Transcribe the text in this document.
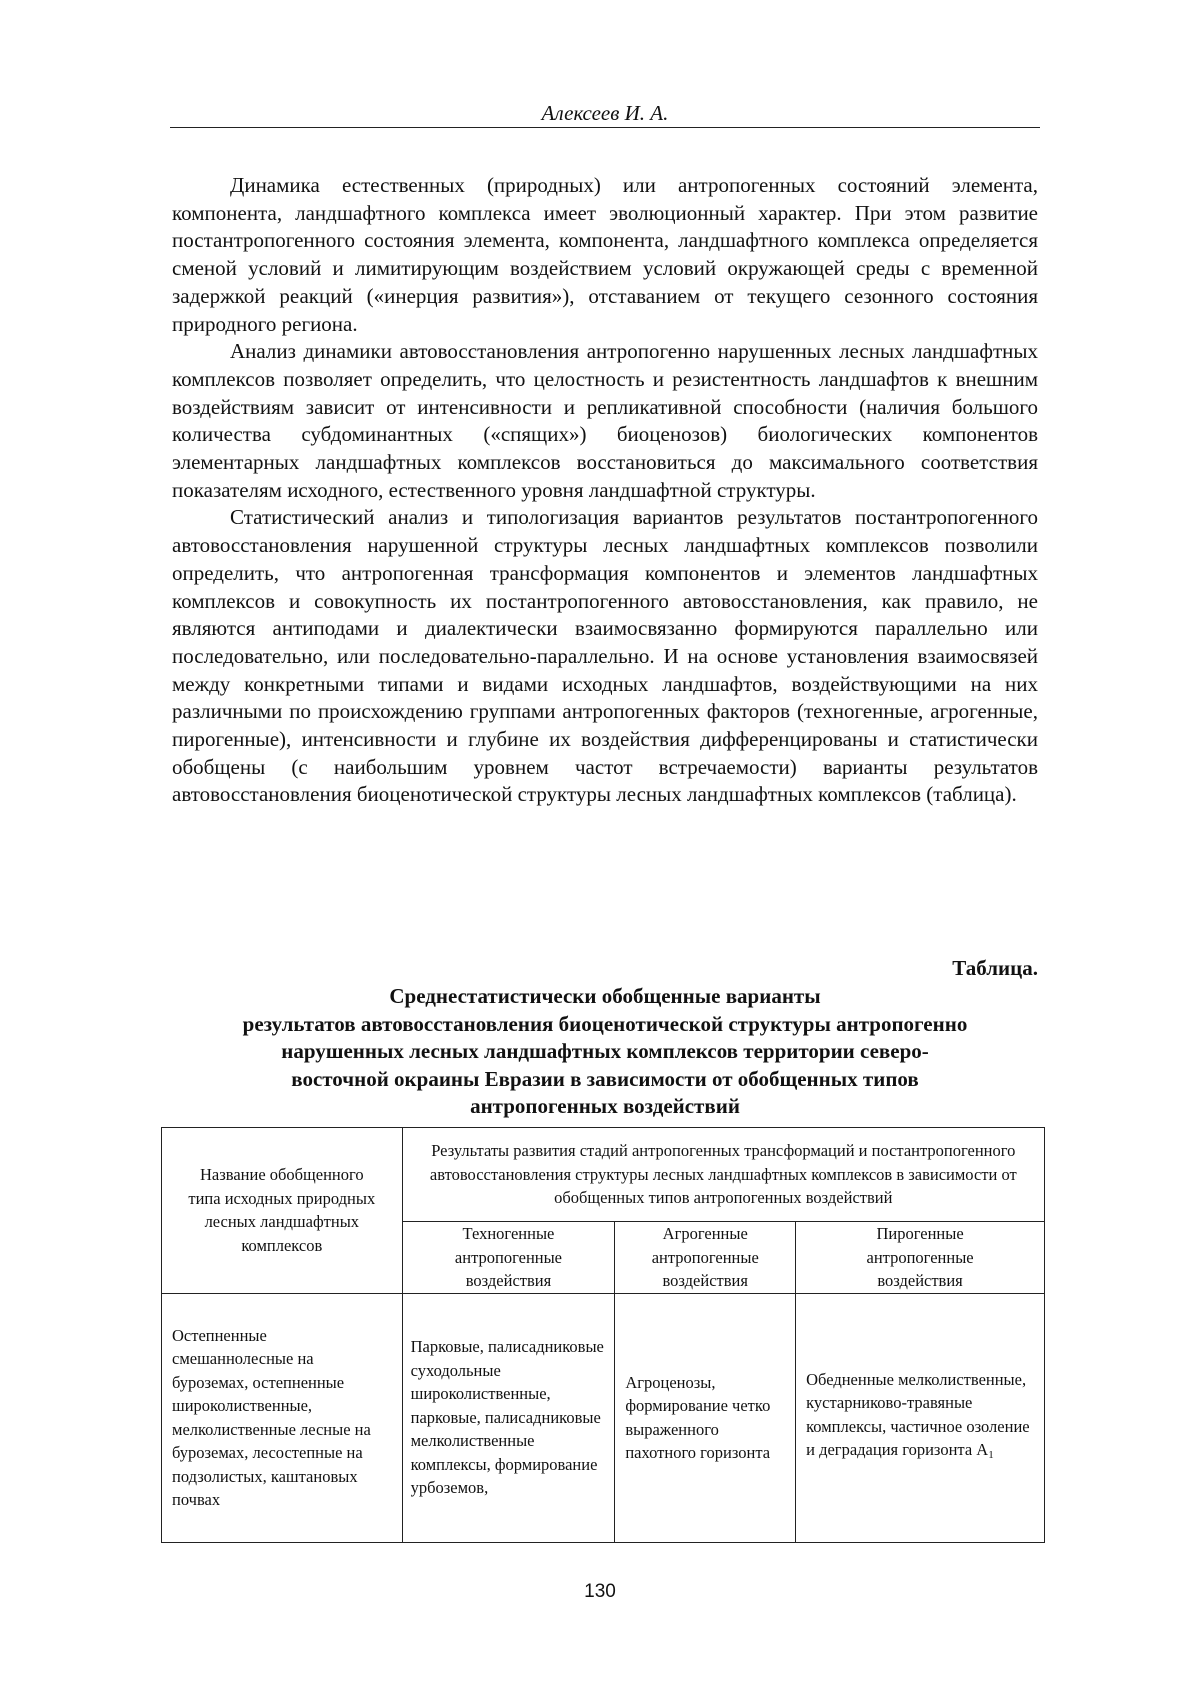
Алексеев И. А.

Динамика естественных (природных) или антропогенных состояний элемента, компонента, ландшафтного комплекса имеет эволюционный характер. При этом развитие постантропогенного состояния элемента, компонента, ландшафтного комплекса определяется сменой условий и лимитирующим воздействием условий окружающей среды с временной задержкой реакций («инерция развития»), отставанием от текущего сезонного состояния природного региона.

Анализ динамики автовосстановления антропогенно нарушенных лесных ландшафтных комплексов позволяет определить, что целостность и резистентность ландшафтов к внешним воздействиям зависит от интенсивности и репликативной способности (наличия большого количества субдоминантных («спящих») биоценозов) биологических компонентов элементарных ландшафтных комплексов восстановиться до максимального соответствия показателям исходного, естественного уровня ландшафтной структуры.

Статистический анализ и типологизация вариантов результатов постантропогенного автовосстановления нарушенной структуры лесных ландшафтных комплексов позволили определить, что антропогенная трансформация компонентов и элементов ландшафтных комплексов и совокупность их постантропогенного автовосстановления, как правило, не являются антиподами и диалектически взаимосвязанно формируются параллельно или последовательно, или последовательно-параллельно. И на основе установления взаимосвязей между конкретными типами и видами исходных ландшафтов, воздействующими на них различными по происхождению группами антропогенных факторов (техногенные, агрогенные, пирогенные), интенсивности и глубине их воздействия дифференцированы и статистически обобщены (с наибольшим уровнем частот встречаемости) варианты результатов автовосстановления биоценотической структуры лесных ландшафтных комплексов (таблица).

Таблица.
Среднестатистически обобщенные варианты
результатов автовосстановления биоценотической структуры антропогенно
нарушенных лесных ландшафтных комплексов территории северо-
восточной окраины Евразии в зависимости от обобщенных типов
антропогенных воздействий
Название обобщенного типа исходных природных лесных ландшафтных комплексов	Результаты развития стадий антропогенных трансформаций и постантропогенного автовосстановления структуры лесных ландшафтных комплексов в зависимости от обобщенных типов антропогенных воздействий		
	Техногенные антропогенные воздействия	Агрогенные антропогенные воздействия	Пирогенные антропогенные воздействия
Остепненные смешаннолесные на буроземах, остепненные широколиственные, мелколиственные лесные на буроземах, лесостепные на подзолистых, каштановых почвах	Парковые, палисадниковые суходольные широколиственные, парковые, палисадниковые мелколиственные комплексы, формирование урбоземов,	Агроценозы, формирование четко выраженного пахотного горизонта	Обедненные мелколиственные, кустарниково-травяные комплексы, частичное озоление и деградация горизонта $А_1$
130
